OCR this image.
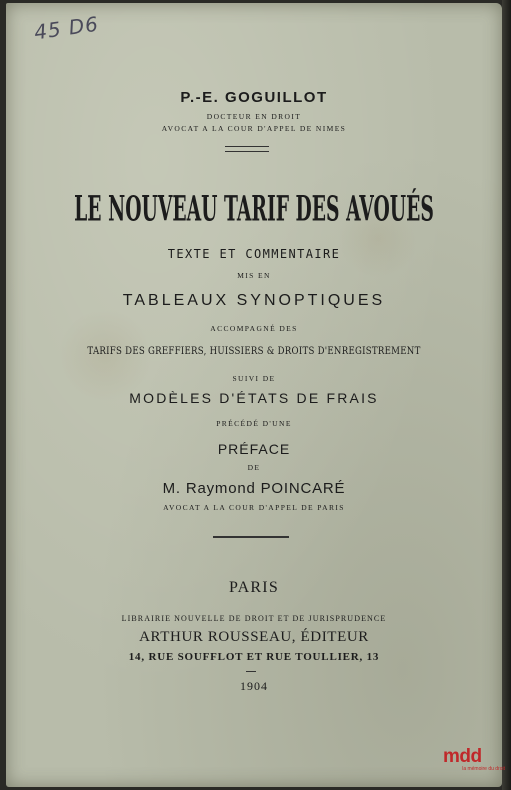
45 D6
P.-E. GOGUILLOT
DOCTEUR EN DROIT
AVOCAT A LA COUR D'APPEL DE NIMES
LE NOUVEAU TARIF DES AVOUÉS
TEXTE ET COMMENTAIRE
MIS EN
TABLEAUX SYNOPTIQUES
ACCOMPAGNÉ DES
TARIFS DES GREFFIERS, HUISSIERS & DROITS D'ENREGISTREMENT
SUIVI DE
MODÈLES D'ÉTATS DE FRAIS
PRÉCÉDÉ D'UNE
PRÉFACE
DE
M. Raymond POINCARÉ
AVOCAT A LA COUR D'APPEL DE PARIS
PARIS
LIBRAIRIE NOUVELLE DE DROIT ET DE JURISPRUDENCE
ARTHUR ROUSSEAU, ÉDITEUR
14, RUE SOUFFLOT ET RUE TOULLIER, 13
1904
mdd
la mémoire du droit
